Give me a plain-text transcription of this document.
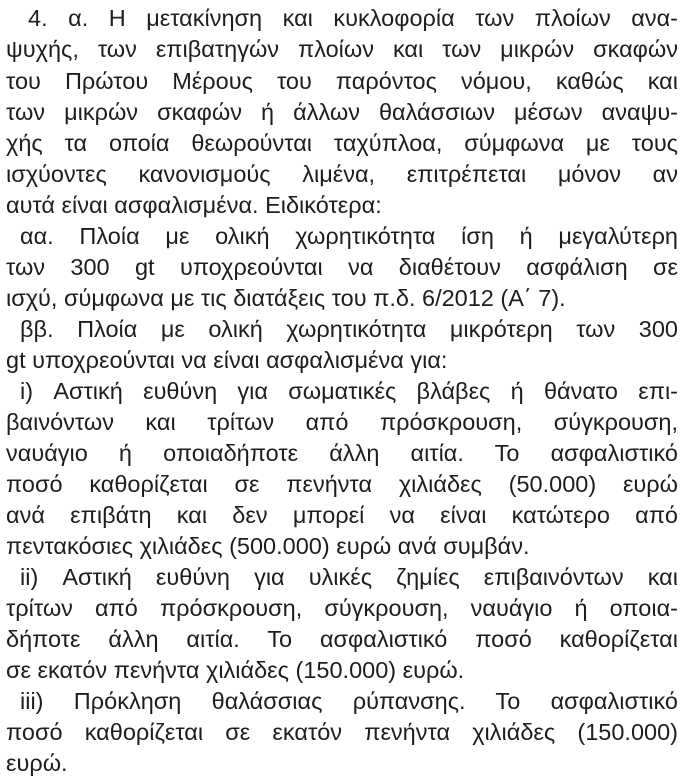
4. α. Η μετακίνηση και κυκλοφορία των πλοίων ανα-
ψυχής, των επιβατηγών πλοίων και των μικρών σκαφών
του Πρώτου Μέρους του παρόντος νόμου, καθώς και
των μικρών σκαφών ή άλλων θαλάσσιων μέσων αναψυ-
χής τα οποία θεωρούνται ταχύπλοα, σύμφωνα με τους
ισχύοντες κανονισμούς λιμένα, επιτρέπεται μόνον αν
αυτά είναι ασφαλισμένα. Ειδικότερα:
αα. Πλοία με ολική χωρητικότητα ίση ή μεγαλύτερη
των 300 gt υποχρεούνται να διαθέτουν ασφάλιση σε
ισχύ, σύμφωνα με τις διατάξεις του π.δ. 6/2012 (Α΄ 7).
ββ. Πλοία με ολική χωρητικότητα μικρότερη των 300
gt υποχρεούνται να είναι ασφαλισμένα για:
i) Αστική ευθύνη για σωματικές βλάβες ή θάνατο επι-
βαινόντων και τρίτων από πρόσκρουση, σύγκρουση,
ναυάγιο ή οποιαδήποτε άλλη αιτία. Το ασφαλιστικό
ποσό καθορίζεται σε πενήντα χιλιάδες (50.000) ευρώ
ανά επιβάτη και δεν μπορεί να είναι κατώτερο από
πεντακόσιες χιλιάδες (500.000) ευρώ ανά συμβάν.
ii) Αστική ευθύνη για υλικές ζημίες επιβαινόντων και
τρίτων από πρόσκρουση, σύγκρουση, ναυάγιο ή οποια-
δήποτε άλλη αιτία. Το ασφαλιστικό ποσό καθορίζεται
σε εκατόν πενήντα χιλιάδες (150.000) ευρώ.
iii) Πρόκληση θαλάσσιας ρύπανσης. Το ασφαλιστικό
ποσό καθορίζεται σε εκατόν πενήντα χιλιάδες (150.000)
ευρώ.
